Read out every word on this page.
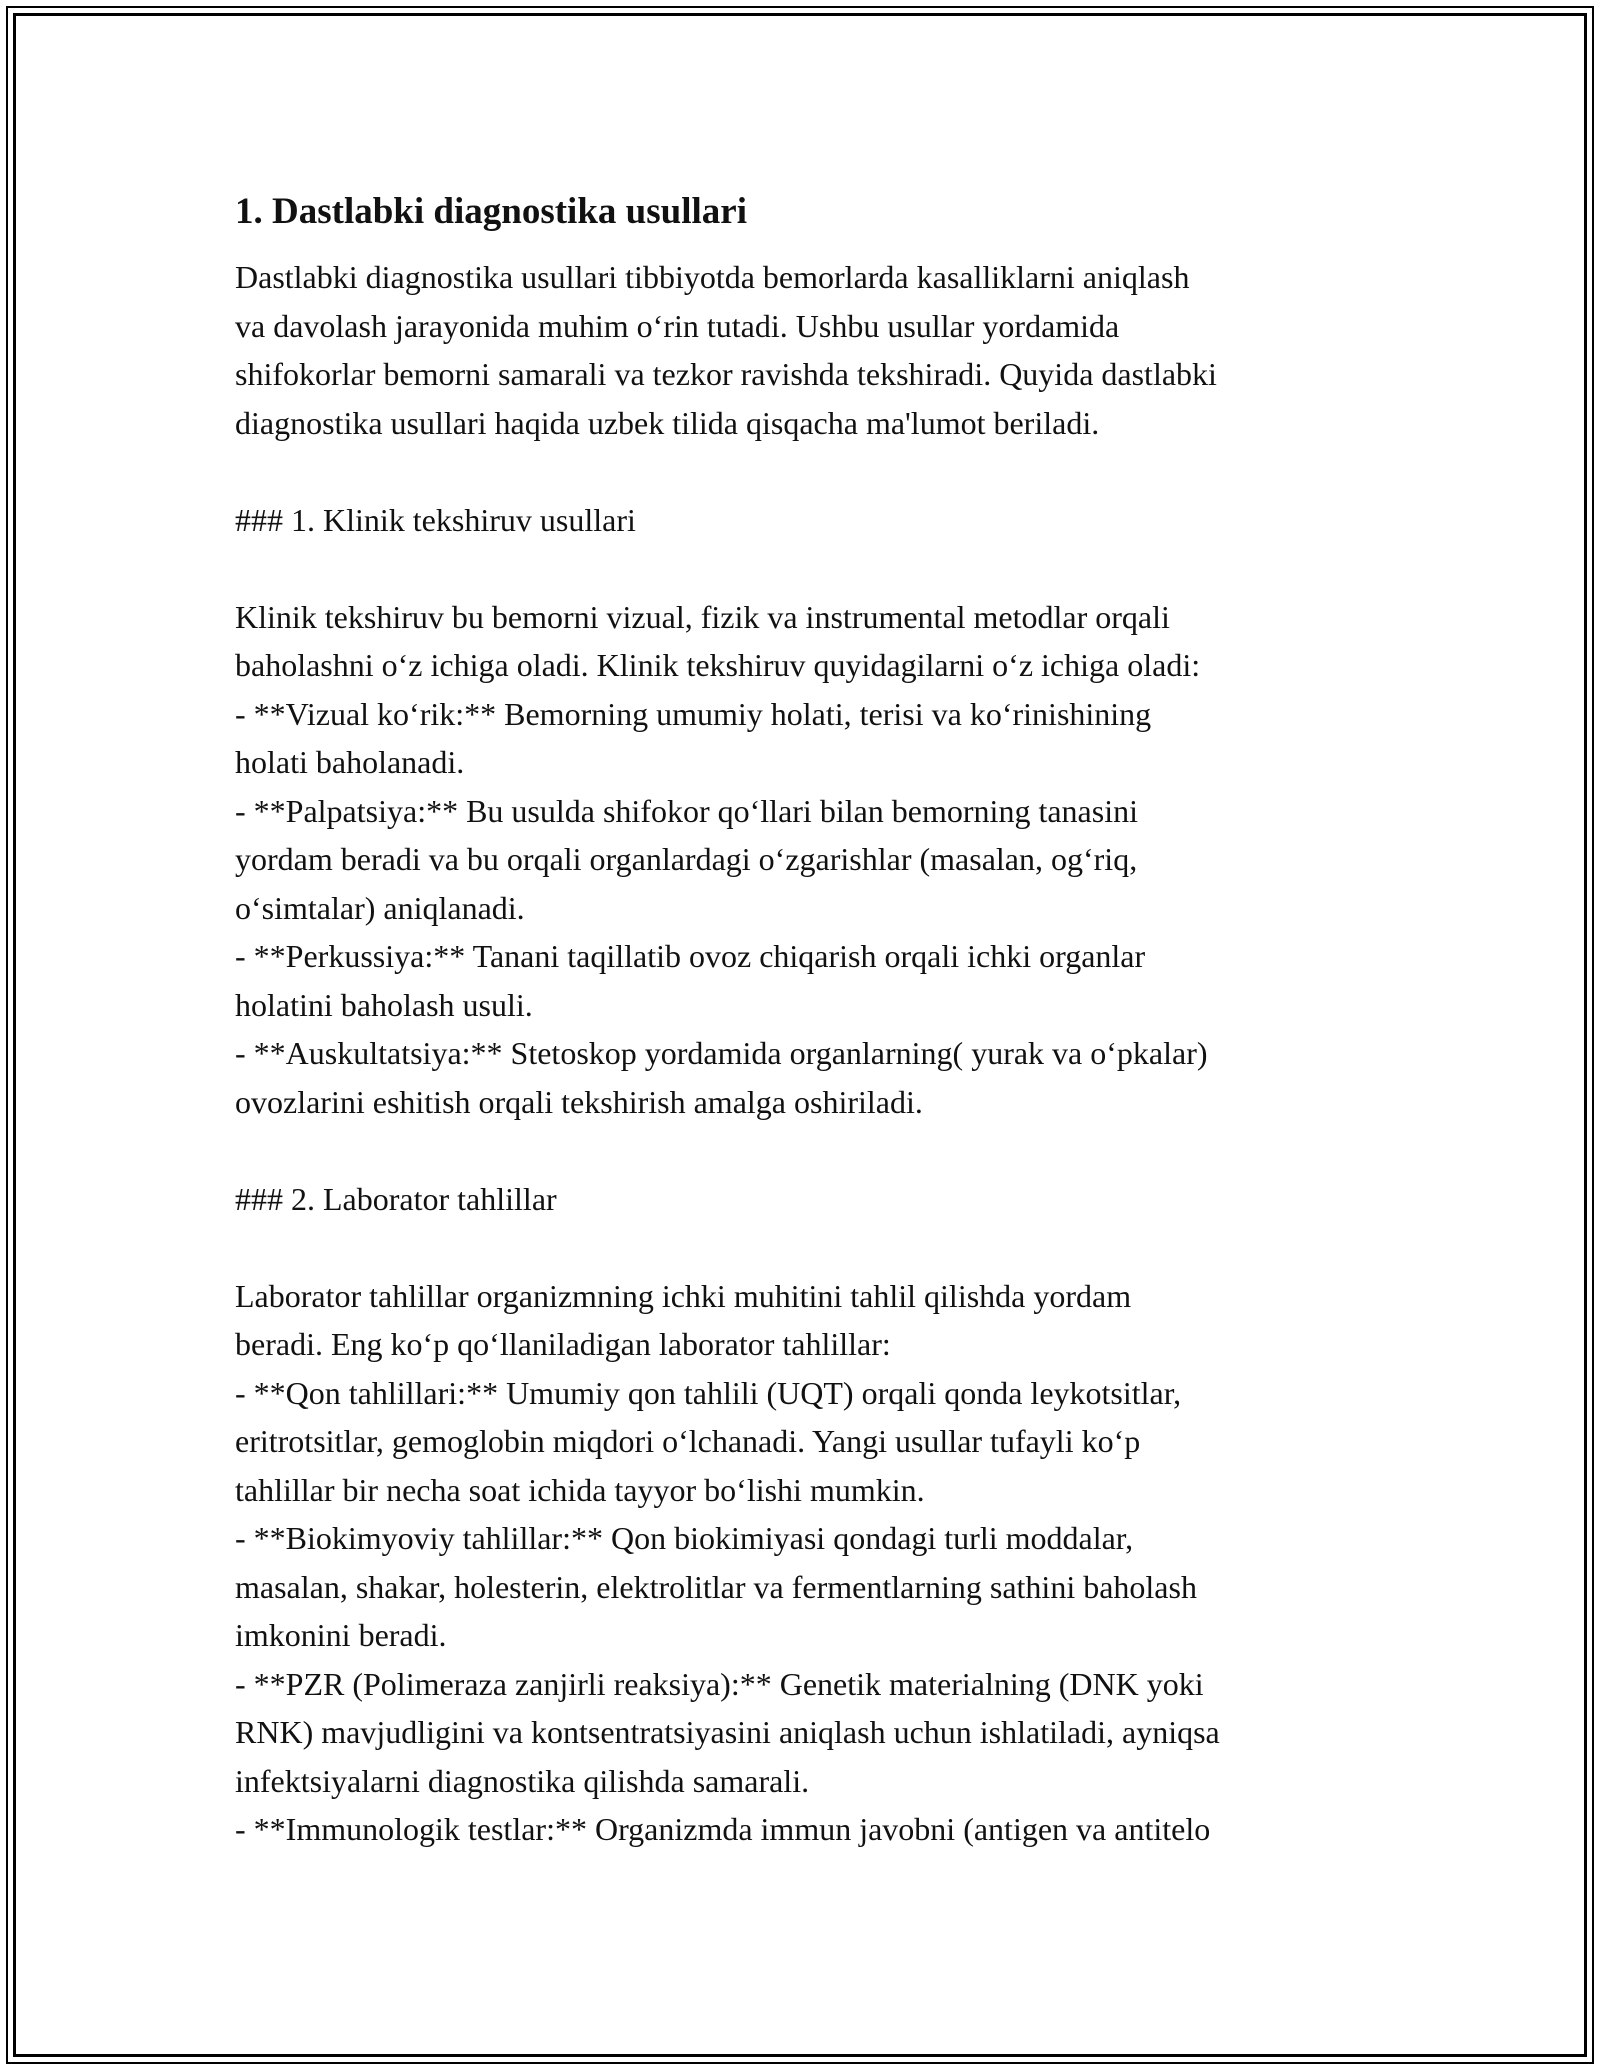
1. Dastlabki diagnostika usullari
Dastlabki diagnostika usullari tibbiyotda bemorlarda kasalliklarni aniqlash
va davolash jarayonida muhim o‘rin tutadi. Ushbu usullar yordamida
shifokorlar bemorni samarali va tezkor ravishda tekshiradi. Quyida dastlabki
diagnostika usullari haqida uzbek tilida qisqacha ma'lumot beriladi.
### 1. Klinik tekshiruv usullari
Klinik tekshiruv bu bemorni vizual, fizik va instrumental metodlar orqali
baholashni o‘z ichiga oladi. Klinik tekshiruv quyidagilarni o‘z ichiga oladi:
- **Vizual ko‘rik:** Bemorning umumiy holati, terisi va ko‘rinishining
holati baholanadi.
- **Palpatsiya:** Bu usulda shifokor qo‘llari bilan bemorning tanasini
yordam beradi va bu orqali organlardagi o‘zgarishlar (masalan, og‘riq,
o‘simtalar) aniqlanadi.
- **Perkussiya:** Tanani taqillatib ovoz chiqarish orqali ichki organlar
holatini baholash usuli.
- **Auskultatsiya:** Stetoskop yordamida organlarning( yurak va o‘pkalar)
ovozlarini eshitish orqali tekshirish amalga oshiriladi.
### 2. Laborator tahlillar
Laborator tahlillar organizmning ichki muhitini tahlil qilishda yordam
beradi. Eng ko‘p qo‘llaniladigan laborator tahlillar:
- **Qon tahlillari:** Umumiy qon tahlili (UQT) orqali qonda leykotsitlar,
eritrotsitlar, gemoglobin miqdori o‘lchanadi. Yangi usullar tufayli ko‘p
tahlillar bir necha soat ichida tayyor bo‘lishi mumkin.
- **Biokimyoviy tahlillar:** Qon biokimiyasi qondagi turli moddalar,
masalan, shakar, holesterin, elektrolitlar va fermentlarning sathini baholash
imkonini beradi.
- **PZR (Polimeraza zanjirli reaksiya):** Genetik materialning (DNK yoki
RNK) mavjudligini va kontsentratsiyasini aniqlash uchun ishlatiladi, ayniqsa
infektsiyalarni diagnostika qilishda samarali.
- **Immunologik testlar:** Organizmda immun javobni (antigen va antitelo
